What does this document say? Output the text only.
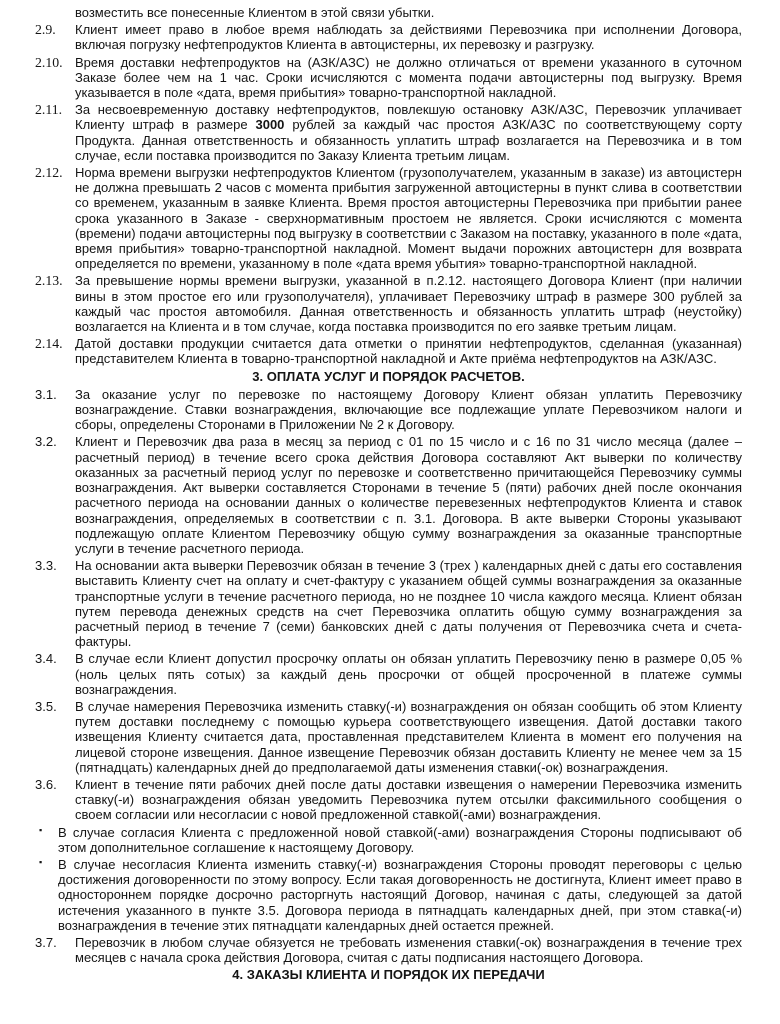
возместить все понесенные Клиентом в этой связи убытки.
2.9. Клиент имеет право в любое время наблюдать за действиями Перевозчика при исполнении Договора, включая погрузку нефтепродуктов Клиента в автоцистерны, их перевозку и разгрузку.
2.10. Время доставки нефтепродуктов на (АЗК/АЗС) не должно отличаться от времени указанного в суточном Заказе более чем на 1 час. Сроки исчисляются с момента подачи автоцистерны под выгрузку. Время указывается в поле «дата, время прибытия» товарно-транспортной накладной.
2.11. За несвоевременную доставку нефтепродуктов, повлекшую остановку АЗК/АЗС, Перевозчик уплачивает Клиенту штраф в размере 3000 рублей за каждый час простоя АЗК/АЗС по соответствующему сорту Продукта. Данная ответственность и обязанность уплатить штраф возлагается на Перевозчика и в том случае, если поставка производится по Заказу Клиента третьим лицам.
2.12. Норма времени выгрузки нефтепродуктов Клиентом (грузополучателем, указанным в заказе) из автоцистерн не должна превышать 2 часов с момента прибытия загруженной автоцистерны в пункт слива в соответствии со временем, указанным в заявке Клиента. Время простоя автоцистерны Перевозчика при прибытии ранее срока указанного в Заказе - сверхнормативным простоем не является. Сроки исчисляются с момента (времени) подачи автоцистерны под выгрузку в соответствии с Заказом на поставку, указанного в поле «дата, время прибытия» товарно-транспортной накладной. Момент выдачи порожних автоцистерн для возврата определяется по времени, указанному в поле «дата время убытия» товарно-транспортной накладной.
2.13. За превышение нормы времени выгрузки, указанной в п.2.12. настоящего Договора Клиент (при наличии вины в этом простое его или грузополучателя), уплачивает Перевозчику штраф в размере 300 рублей за каждый час простоя автомобиля. Данная ответственность и обязанность уплатить штраф (неустойку) возлагается на Клиента и в том случае, когда поставка производится по его заявке третьим лицам.
2.14. Датой доставки продукции считается дата отметки о принятии нефтепродуктов, сделанная (указанная) представителем Клиента в товарно-транспортной накладной и Акте приёма нефтепродуктов на АЗК/АЗС.
3. ОПЛАТА УСЛУГ И ПОРЯДОК РАСЧЕТОВ.
3.1. За оказание услуг по перевозке по настоящему Договору Клиент обязан уплатить Перевозчику вознаграждение. Ставки вознаграждения, включающие все подлежащие уплате Перевозчиком налоги и сборы, определены Сторонами в Приложении № 2 к Договору.
3.2. Клиент и Перевозчик два раза в месяц за период с 01 по 15 число и с 16 по 31 число месяца (далее – расчетный период) в течение всего срока действия Договора составляют Акт выверки по количеству оказанных за расчетный период услуг по перевозке и соответственно причитающейся Перевозчику суммы вознаграждения. Акт выверки составляется Сторонами в течение 5 (пяти) рабочих дней после окончания расчетного периода на основании данных о количестве перевезенных нефтепродуктов Клиента и ставок вознаграждения, определяемых в соответствии с п. 3.1. Договора. В акте выверки Стороны указывают подлежащую оплате Клиентом Перевозчику общую сумму вознаграждения за оказанные транспортные услуги в течение расчетного периода.
3.3. На основании акта выверки Перевозчик обязан в течение 3 (трех ) календарных дней с даты его составления выставить Клиенту счет на оплату и счет-фактуру с указанием общей суммы вознаграждения за оказанные транспортные услуги в течение расчетного периода, но не позднее 10 числа каждого месяца. Клиент обязан путем перевода денежных средств на счет Перевозчика оплатить общую сумму вознаграждения за расчетный период в течение 7 (семи) банковских дней с даты получения от Перевозчика счета и счета-фактуры.
3.4. В случае если Клиент допустил просрочку оплаты он обязан уплатить Перевозчику пеню в размере 0,05 % (ноль целых пять сотых) за каждый день просрочки от общей просроченной в платеже суммы вознаграждения.
3.5. В случае намерения Перевозчика изменить ставку(-и) вознаграждения он обязан сообщить об этом Клиенту путем доставки последнему с помощью курьера соответствующего извещения. Датой доставки такого извещения Клиенту считается дата, проставленная представителем Клиента в момент его получения на лицевой стороне извещения. Данное извещение Перевозчик обязан доставить Клиенту не менее чем за 15 (пятнадцать) календарных дней до предполагаемой даты изменения ставки(-ок) вознаграждения.
3.6. Клиент в течение пяти рабочих дней после даты доставки извещения о намерении Перевозчика изменить ставку(-и) вознаграждения обязан уведомить Перевозчика путем отсылки факсимильного сообщения о своем согласии или несогласии с новой предложенной ставкой(-ами) вознаграждения.
▪ В случае согласия Клиента с предложенной новой ставкой(-ами) вознаграждения Стороны подписывают об этом дополнительное соглашение к настоящему Договору.
▪ В случае несогласия Клиента изменить ставку(-и) вознаграждения Стороны проводят переговоры с целью достижения договоренности по этому вопросу. Если такая договоренность не достигнута, Клиент имеет право в одностороннем порядке досрочно расторгнуть настоящий Договор, начиная с даты, следующей за датой истечения указанного в пункте 3.5. Договора периода в пятнадцать календарных дней, при этом ставка(-и) вознаграждения в течение этих пятнадцати календарных дней остается прежней.
3.7. Перевозчик в любом случае обязуется не требовать изменения ставки(-ок) вознаграждения в течение трех месяцев с начала срока действия Договора, считая с даты подписания настоящего Договора.
4. ЗАКАЗЫ КЛИЕНТА И ПОРЯДОК ИХ ПЕРЕДАЧИ
